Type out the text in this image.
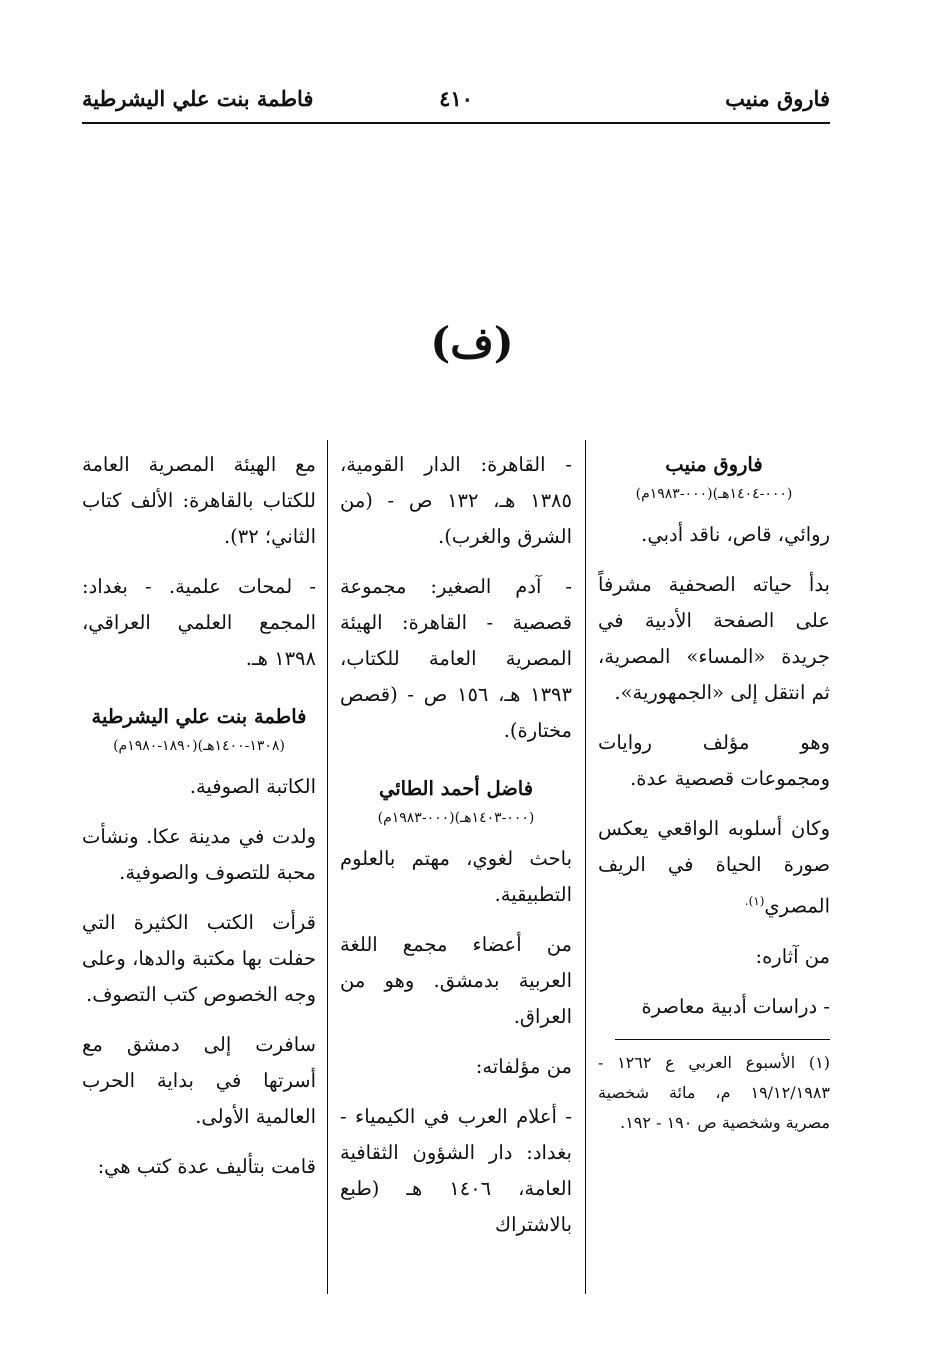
فاروق منيب
٤١٠
فاطمة بنت علي اليشرطية
(ف)

فاروق منيب

(٠٠٠-١٤٠٤هـ)(٠٠٠-١٩٨٣م)

روائي، قاص، ناقد أدبي.

بدأ حياته الصحفية مشرفاً على الصفحة الأدبية في جريدة «المساء» المصرية، ثم انتقل إلى «الجمهورية».

وهو مؤلف روايات ومجموعات قصصية عدة.

وكان أسلوبه الواقعي يعكس صورة الحياة في الريف المصري$^{(١).}$

من آثاره:

- دراسات أدبية معاصرة

(١) الأسبوع العربي ع ١٢٦٢ - ١٩/١٢/١٩٨٣ م، مائة شخصية مصرية وشخصية ص ١٩٠ - ١٩٢.

- القاهرة: الدار القومية، ١٣٨٥ هـ، ١٣٢ ص - (من الشرق والغرب).

- آدم الصغير: مجموعة قصصية - القاهرة: الهيئة المصرية العامة للكتاب، ١٣٩٣ هـ، ١٥٦ ص - (قصص مختارة).

فاضل أحمد الطائي

(٠٠٠-١٤٠٣هـ)(٠٠٠-١٩٨٣م)

باحث لغوي، مهتم بالعلوم التطبيقية.

من أعضاء مجمع اللغة العربية بدمشق. وهو من العراق.

من مؤلفاته:

- أعلام العرب في الكيمياء - بغداد: دار الشؤون الثقافية العامة، ١٤٠٦ هـ (طبع بالاشتراك

مع الهيئة المصرية العامة للكتاب بالقاهرة: الألف كتاب الثاني؛ ٣٢).

- لمحات علمية. - بغداد: المجمع العلمي العراقي، ١٣٩٨ هـ.

فاطمة بنت علي اليشرطية

(١٣٠٨-١٤٠٠هـ)(١٨٩٠-١٩٨٠م)

الكاتبة الصوفية.

ولدت في مدينة عكا. ونشأت محبة للتصوف والصوفية.

قرأت الكتب الكثيرة التي حفلت بها مكتبة والدها، وعلى وجه الخصوص كتب التصوف.

سافرت إلى دمشق مع أسرتها في بداية الحرب العالمية الأولى.

قامت بتأليف عدة كتب هي:
